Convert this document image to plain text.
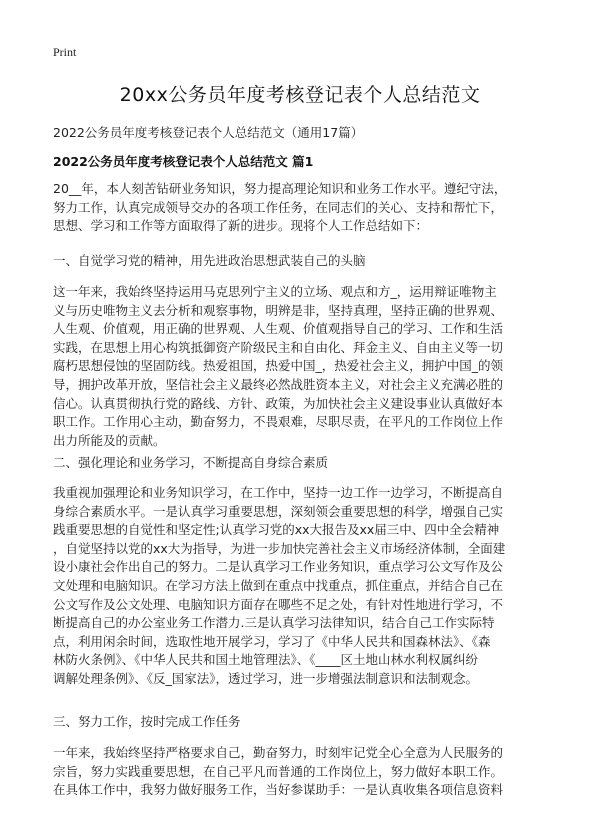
Print
20xx公务员年度考核登记表个人总结范文
2022公务员年度考核登记表个人总结范文（通用17篇）
2022公务员年度考核登记表个人总结范文 篇1
20__年，本人刻苦钻研业务知识，努力提高理论知识和业务工作水平。遵纪守法，
努力工作，认真完成领导交办的各项工作任务，在同志们的关心、支持和帮忙下，
思想、学习和工作等方面取得了新的进步。现将个人工作总结如下：
一、自觉学习党的精神，用先进政治思想武装自己的头脑
这一年来，我始终坚持运用马克思列宁主义的立场、观点和方_，运用辩证唯物主
义与历史唯物主义去分析和观察事物，明辨是非，坚持真理，坚持正确的世界观、
人生观、价值观，用正确的世界观、人生观、价值观指导自己的学习、工作和生活
实践，在思想上用心构筑抵御资产阶级民主和自由化、拜金主义、自由主义等一切
腐朽思想侵蚀的坚固防线。热爱祖国，热爱中国_，热爱社会主义，拥护中国_的领
导，拥护改革开放，坚信社会主义最终必然战胜资本主义，对社会主义充满必胜的
信心。认真贯彻执行党的路线、方针、政策，为加快社会主义建设事业认真做好本
职工作。工作用心主动，勤奋努力，不畏艰难，尽职尽责，在平凡的工作岗位上作
出力所能及的贡献。
二、强化理论和业务学习，不断提高自身综合素质
我重视加强理论和业务知识学习，在工作中，坚持一边工作一边学习，不断提高自
身综合素质水平。一是认真学习重要思想，深刻领会重要思想的科学，增强自己实
践重要思想的自觉性和坚定性;认真学习党的xx大报告及xx届三中、四中全会精神
，自觉坚持以党的xx大为指导，为进一步加快完善社会主义市场经济体制，全面建
设小康社会作出自己的努力。二是认真学习工作业务知识，重点学习公文写作及公
文处理和电脑知识。在学习方法上做到在重点中找重点，抓住重点，并结合自己在
公文写作及公文处理、电脑知识方面存在哪些不足之处，有针对性地进行学习，不
断提高自己的办公室业务工作潜力.三是认真学习法律知识，结合自己工作实际特
点，利用闲余时间，选取性地开展学习，学习了《中华人民共和国森林法》、《森
林防火条例》、《中华人民共和国土地管理法》、《____区土地山林水利权属纠纷
调解处理条例》、《反_国家法》，透过学习，进一步增强法制意识和法制观念。
三、努力工作，按时完成工作任务
一年来，我始终坚持严格要求自己，勤奋努力，时刻牢记党全心全意为人民服务的
宗旨，努力实践重要思想，在自己平凡而普通的工作岗位上，努力做好本职工作。
在具体工作中，我努力做好服务工作，当好参谋助手：一是认真收集各项信息资料
